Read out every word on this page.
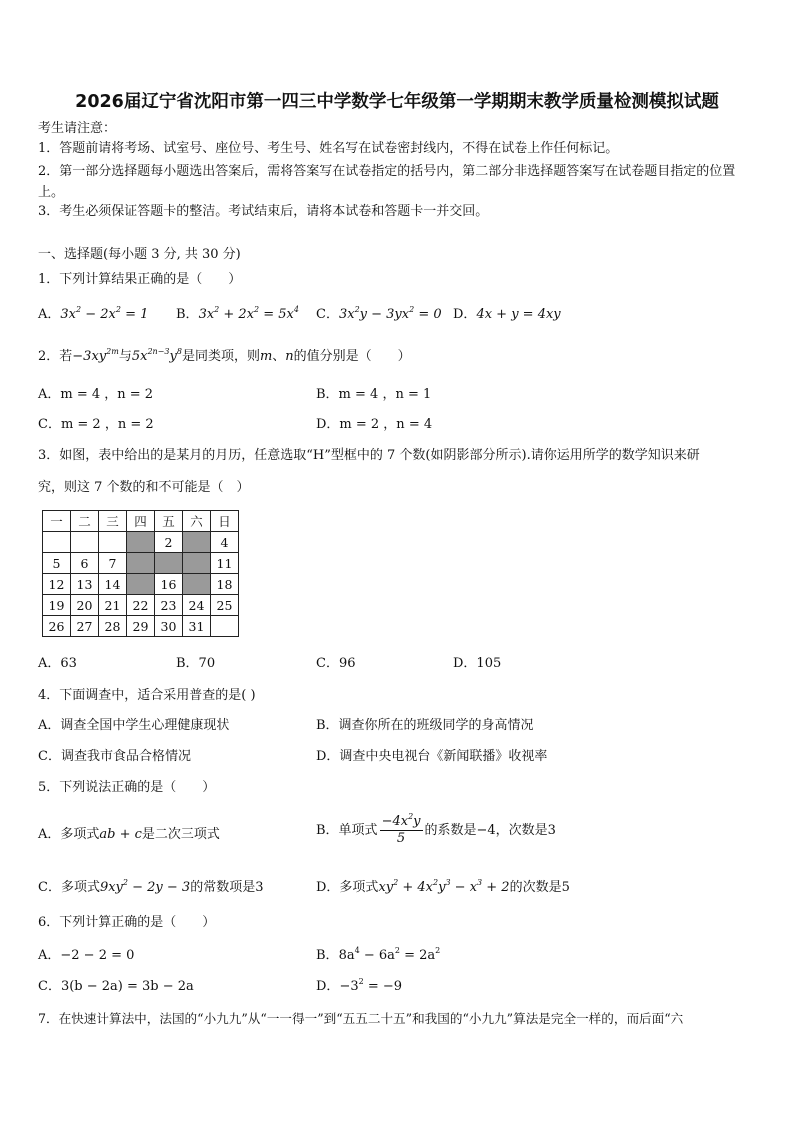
2026届辽宁省沈阳市第一四三中学数学七年级第一学期期末教学质量检测模拟试题
考生请注意：
1．答题前请将考场、试室号、座位号、考生号、姓名写在试卷密封线内，不得在试卷上作任何标记。
2．第一部分选择题每小题选出答案后，需将答案写在试卷指定的括号内，第二部分非选择题答案写在试卷题目指定的位置上。
3．考生必须保证答题卡的整洁。考试结束后，请将本试卷和答题卡一并交回。
一、选择题(每小题 3 分, 共 30 分)
1．下列计算结果正确的是（　　）
A．$3x^2 - 2x^2 = 1$ B．$3x^2 + 2x^2 = 5x^4$ C．$3x^2y - 3yx^2 = 0$ D．4x + y = 4xy
2．若$-3xy^{2m}$与$5x^{2n-3}y^8$是同类项，则m、n的值分别是（　　）
A．m = 4 ，n = 2	B．m = 4 ，n = 1
C．m = 2 ，n = 2	D．m = 2 ，n = 4
3．如图，表中给出的是某月的月历，任意选取“H”型框中的 7 个数(如阴影部分所示).请你运用所学的数学知识来研
究，则这 7 个数的和不可能是（　）
一	二	三	四	五	六	日
				2		4
5	6	7				11
12	13	14		16		18
19	20	21	22	23	24	25
26	27	28	29	30	31	
A．63	B．70	C．96	D．105
4．下面调查中，适合采用普查的是( )
A．调查全国中学生心理健康现状	B．调查你所在的班级同学的身高情况
C．调查我市食品合格情况	D．调查中央电视台《新闻联播》收视率
5．下列说法正确的是（　　）
A．多项式ab + c是二次三项式	B．单项式 $\frac{-4x^2y}{5}$ 的系数是−4，次数是3
C．多项式$9xy^2 - 2y - 3$的常数项是3	D．多项式$xy^2 + 4x^2y^3 - x^3 + 2$的次数是5
6．下列计算正确的是（　　）
A．−2 − 2 = 0	B．$8a^4 - 6a^2 = 2a^2$
C．3(b − 2a) = 3b − 2a	D．$-3^2 = -9$
7．在快速计算法中，法国的“小九九”从“一一得一”到“五五二十五”和我国的“小九九”算法是完全一样的，而后面“六
